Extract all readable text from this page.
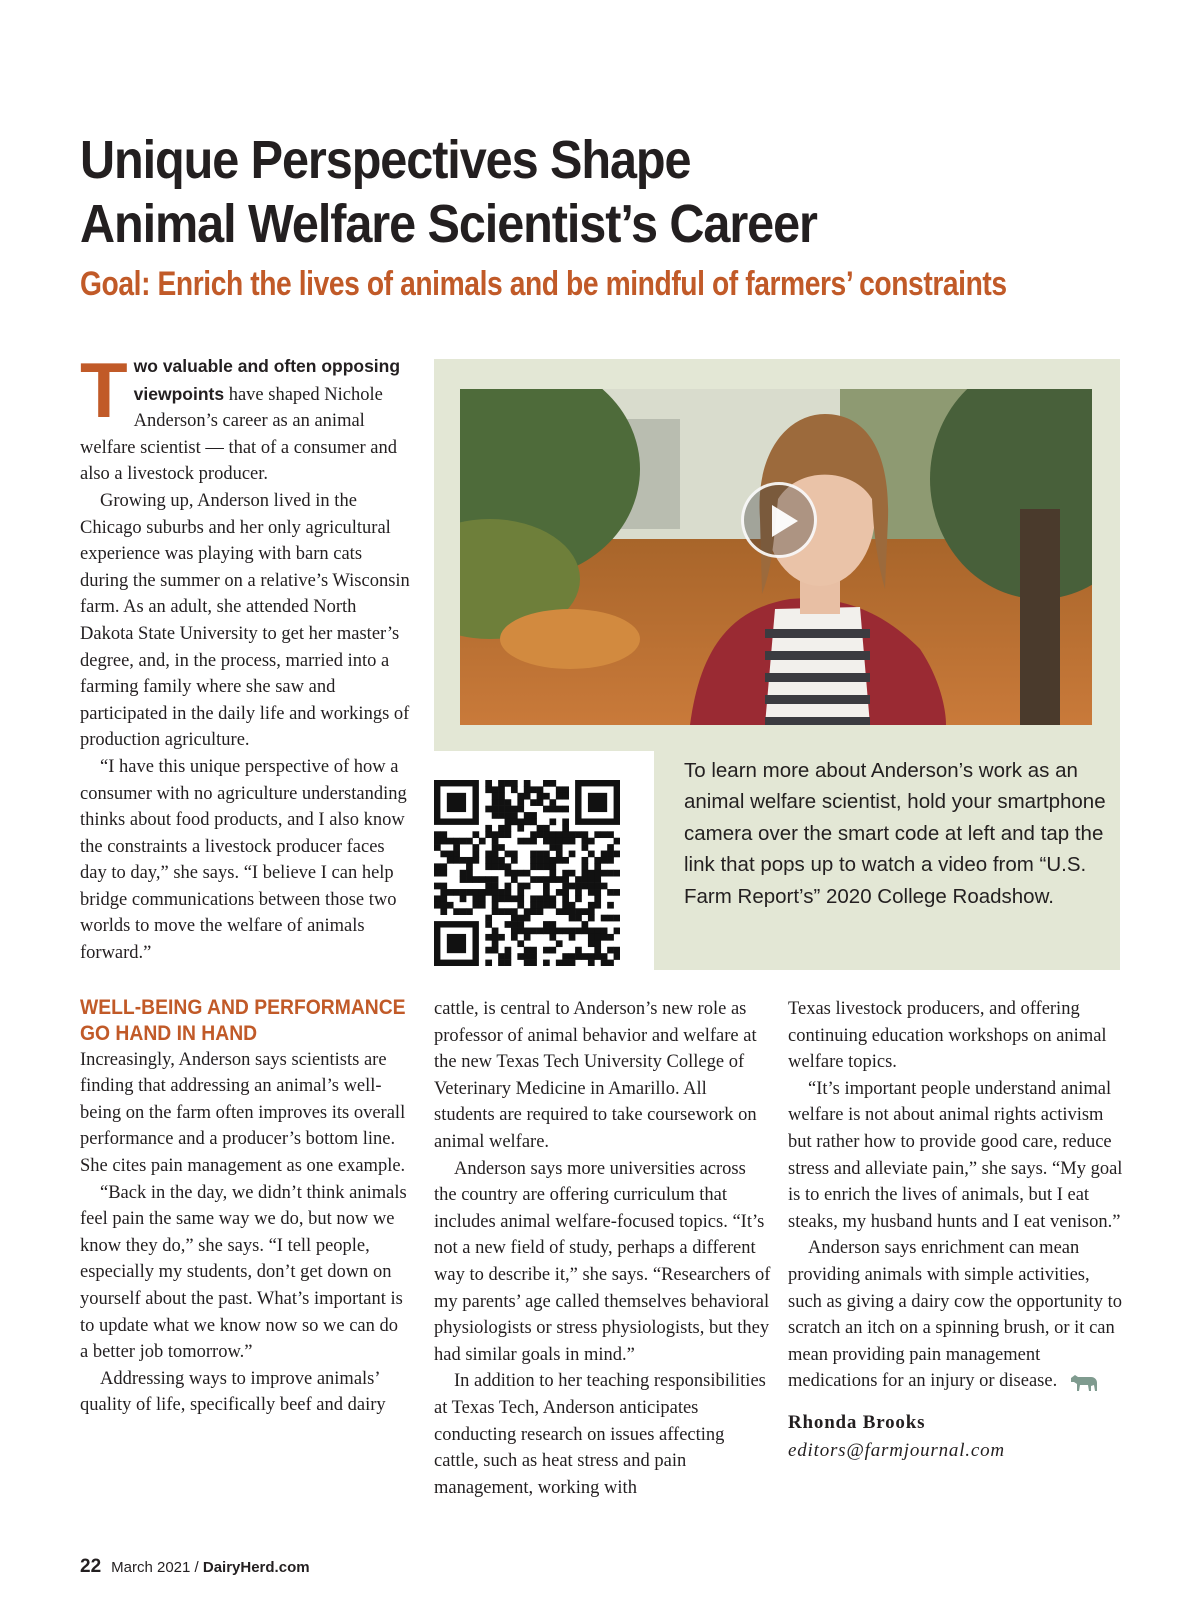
Unique Perspectives Shape
Animal Welfare Scientist’s Career
Goal: Enrich the lives of animals and be mindful of farmers’ constraints

Two valuable and often opposing viewpoints have shaped Nichole Anderson’s career as an animal welfare scientist — that of a consumer and also a livestock producer.

Growing up, Anderson lived in the Chicago suburbs and her only agricultural experience was playing with barn cats during the summer on a relative’s Wisconsin farm. As an adult, she attended North Dakota State University to get her master’s degree, and, in the process, married into a farming family where she saw and participated in the daily life and workings of production agriculture.

“I have this unique perspective of how a consumer with no agriculture understanding thinks about food products, and I also know the constraints a livestock producer faces day to day,” she says. “I believe I can help bridge communications between those two worlds to move the welfare of animals forward.”

WELL-BEING AND PERFORMANCE
GO HAND IN HAND

Increasingly, Anderson says scientists are finding that addressing an animal’s well-being on the farm often improves its overall performance and a producer’s bottom line. She cites pain management as one example.

“Back in the day, we didn’t think animals feel pain the same way we do, but now we know they do,” she says. “I tell people, especially my students, don’t get down on yourself about the past. What’s important is to update what we know now so we can do a better job tomorrow.”

Addressing ways to improve animals’ quality of life, specifically beef and dairy

To learn more about Anderson’s work as an animal welfare scientist, hold your smartphone camera over the smart code at left and tap the link that pops up to watch a video from “U.S. Farm Report’s” 2020 College Roadshow.

cattle, is central to Anderson’s new role as professor of animal behavior and welfare at the new Texas Tech University College of Veterinary Medicine in Amarillo. All students are required to take coursework on animal welfare.

Anderson says more universities across the country are offering curriculum that includes animal welfare-focused topics. “It’s not a new field of study, perhaps a different way to describe it,” she says. “Researchers of my parents’ age called themselves behavioral physiologists or stress physiologists, but they had similar goals in mind.”

In addition to her teaching responsibilities at Texas Tech, Anderson anticipates conducting research on issues affecting cattle, such as heat stress and pain management, working with

Texas livestock producers, and offering continuing education workshops on animal welfare topics.

“It’s important people understand animal welfare is not about animal rights activism but rather how to provide good care, reduce stress and alleviate pain,” she says. “My goal is to enrich the lives of animals, but I eat steaks, my husband hunts and I eat venison.”

Anderson says enrichment can mean providing animals with simple activities, such as giving a dairy cow the opportunity to scratch an itch on a spinning brush, or it can mean providing pain management medications for an injury or disease.

Rhonda Brooks
editors@farmjournal.com
22 March 2021 / DairyHerd.com
